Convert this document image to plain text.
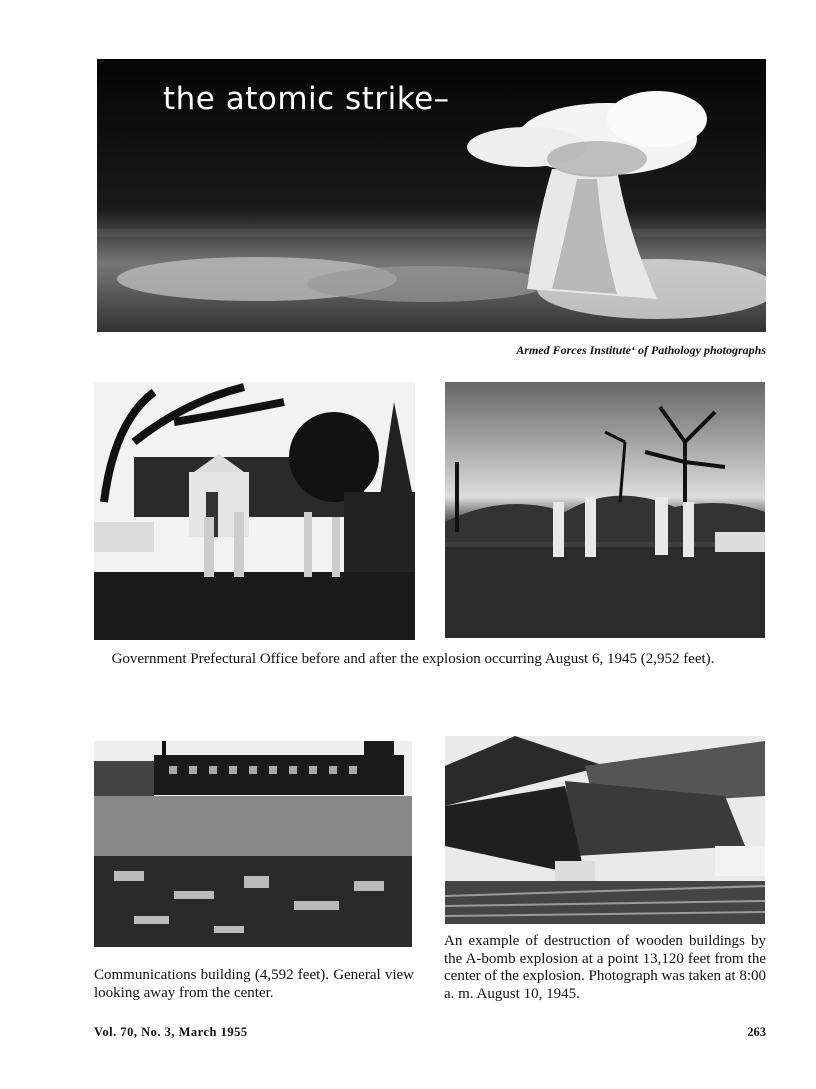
the atomic strike–
Armed Forces Instituteʻ of Pathology photographs
Government Prefectural Office before and after the explosion occurring August 6, 1945 (2,952 feet).
Communications building (4,592 feet). General view looking away from the center.
An example of destruction of wooden buildings by the A-bomb explosion at a point 13,120 feet from the center of the explosion. Photograph was taken at 8:00 a. m. August 10, 1945.
Vol. 70, No. 3, March 1955	263
